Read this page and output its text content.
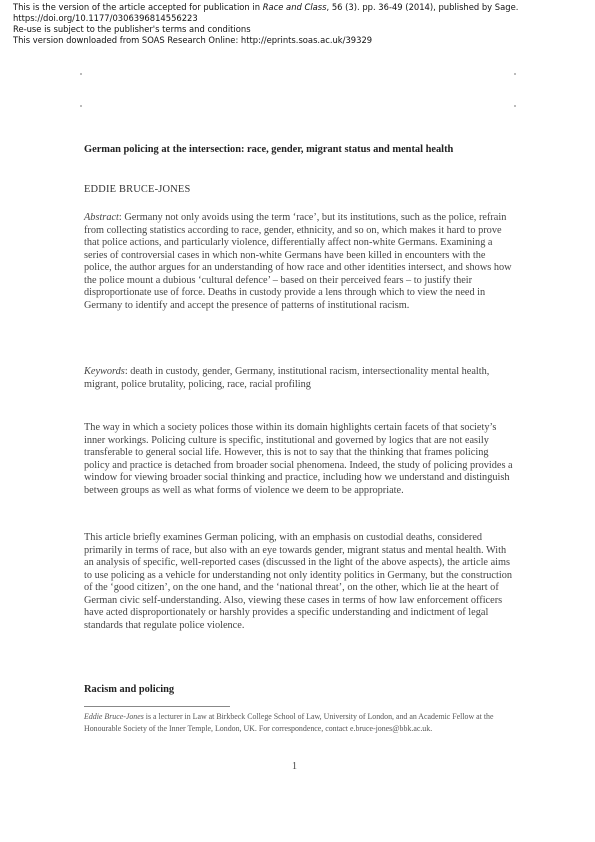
This is the version of the article accepted for publication in Race and Class, 56 (3). pp. 36-49 (2014), published by Sage.
https://doi.org/10.1177/0306396814556223
Re-use is subject to the publisher's terms and conditions
This version downloaded from SOAS Research Online: http://eprints.soas.ac.uk/39329
German policing at the intersection: race, gender, migrant status and mental health
EDDIE BRUCE-JONES
Abstract: Germany not only avoids using the term ‘race’, but its institutions, such as the police, refrain from collecting statistics according to race, gender, ethnicity, and so on, which makes it hard to prove that police actions, and particularly violence, differentially affect non-white Germans. Examining a series of controversial cases in which non-white Germans have been killed in encounters with the police, the author argues for an understanding of how race and other identities intersect, and shows how the police mount a dubious ‘cultural defence’ – based on their perceived fears – to justify their disproportionate use of force. Deaths in custody provide a lens through which to view the need in Germany to identify and accept the presence of patterns of institutional racism.
Keywords: death in custody, gender, Germany, institutional racism, intersectionality mental health, migrant, police brutality, policing, race, racial profiling
The way in which a society polices those within its domain highlights certain facets of that society’s inner workings. Policing culture is specific, institutional and governed by logics that are not easily transferable to general social life. However, this is not to say that the thinking that frames policing policy and practice is detached from broader social phenomena. Indeed, the study of policing provides a window for viewing broader social thinking and practice, including how we understand and distinguish between groups as well as what forms of violence we deem to be appropriate.
This article briefly examines German policing, with an emphasis on custodial deaths, considered primarily in terms of race, but also with an eye towards gender, migrant status and mental health. With an analysis of specific, well-reported cases (discussed in the light of the above aspects), the article aims to use policing as a vehicle for understanding not only identity politics in Germany, but the construction of the ‘good citizen’, on the one hand, and the ‘national threat’, on the other, which lie at the heart of German civic self-understanding. Also, viewing these cases in terms of how law enforcement officers have acted disproportionately or harshly provides a specific understanding and indictment of legal standards that regulate police violence.
Racism and policing
Eddie Bruce-Jones is a lecturer in Law at Birkbeck College School of Law, University of London, and an Academic Fellow at the Honourable Society of the Inner Temple, London, UK. For correspondence, contact e.bruce-jones@bbk.ac.uk.
1
